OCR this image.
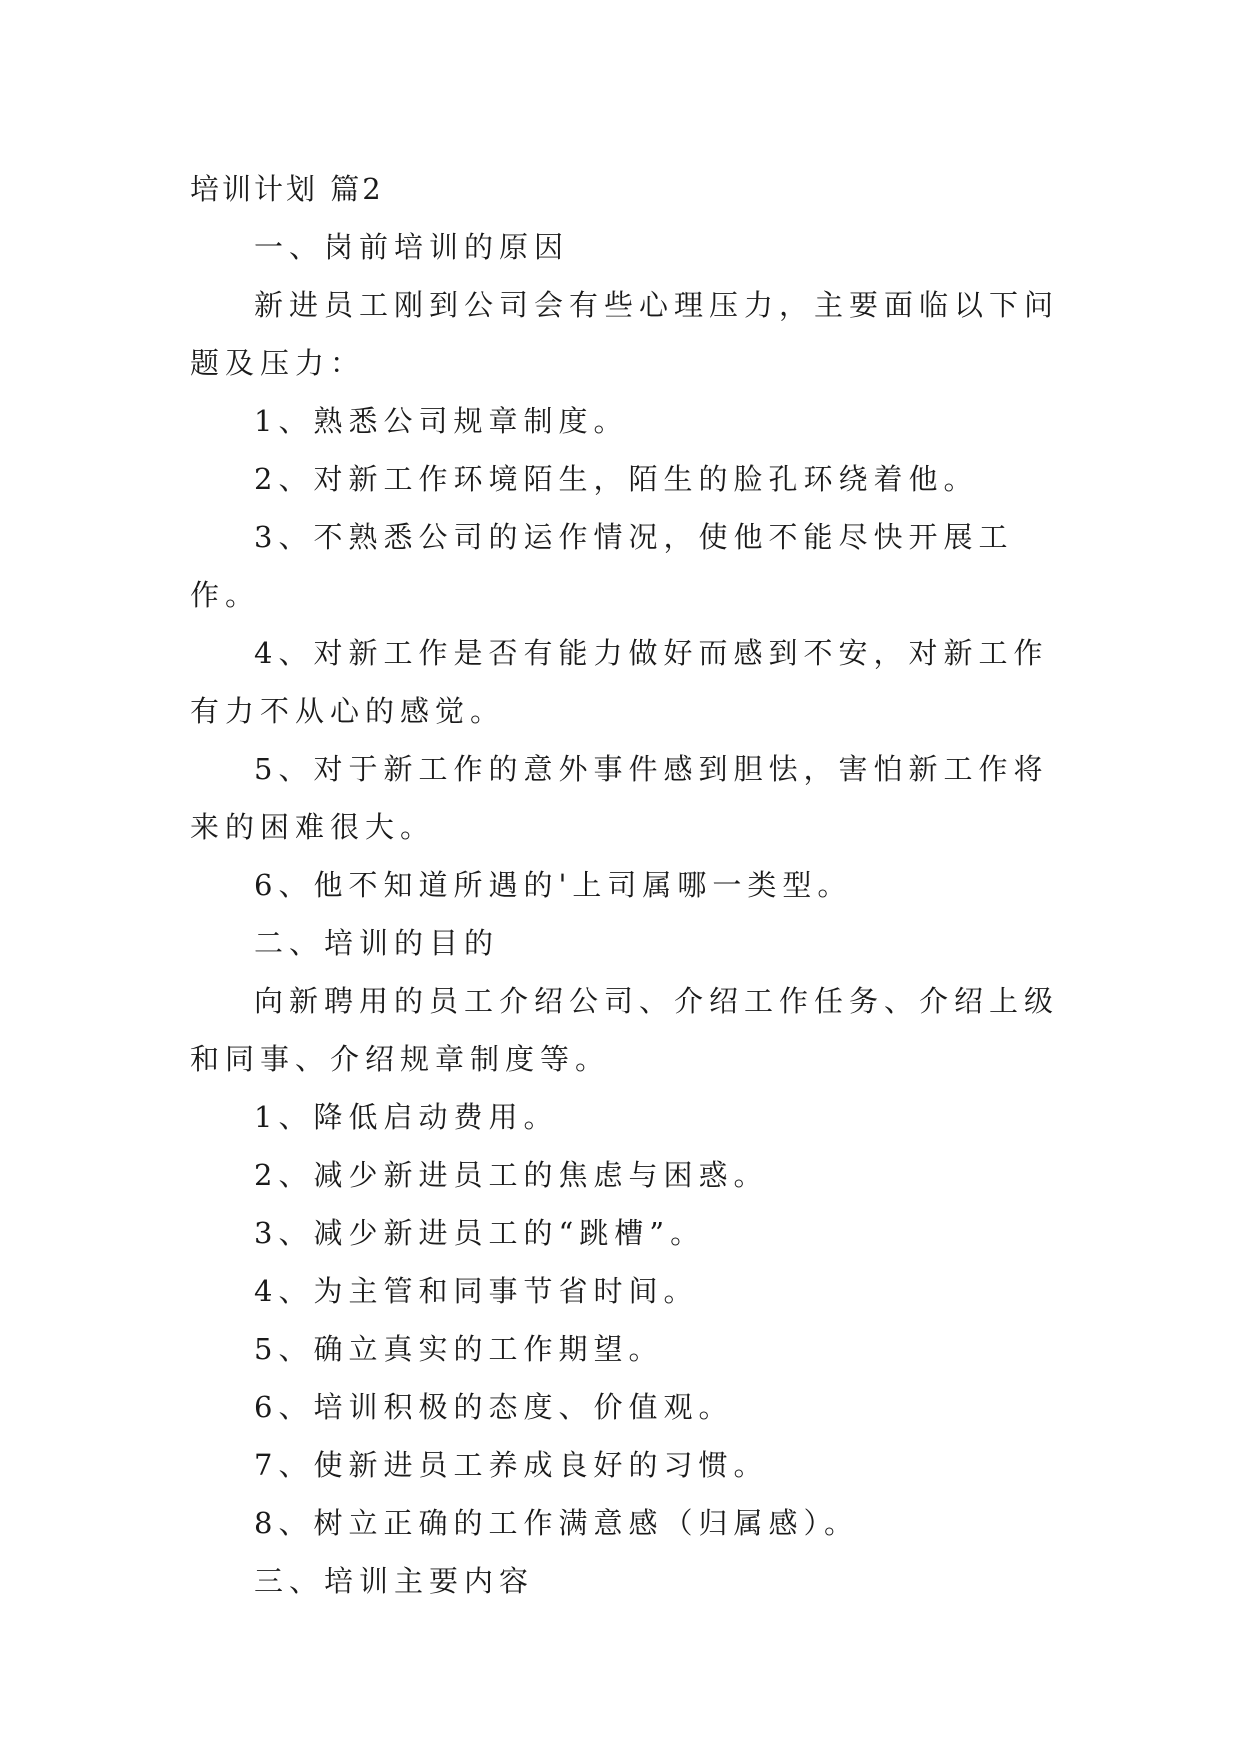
培训计划 篇2

一、岗前培训的原因

新进员工刚到公司会有些心理压力，主要面临以下问题及压力：

1、熟悉公司规章制度。

2、对新工作环境陌生，陌生的脸孔环绕着他。

3、不熟悉公司的运作情况，使他不能尽快开展工作。

4、对新工作是否有能力做好而感到不安，对新工作有力不从心的感觉。

5、对于新工作的意外事件感到胆怯，害怕新工作将来的困难很大。

6、他不知道所遇的'上司属哪一类型。

二、培训的目的

向新聘用的员工介绍公司、介绍工作任务、介绍上级和同事、介绍规章制度等。

1、降低启动费用。

2、减少新进员工的焦虑与困惑。

3、减少新进员工的“跳槽”。

4、为主管和同事节省时间。

5、确立真实的工作期望。

6、培训积极的态度、价值观。

7、使新进员工养成良好的习惯。

8、树立正确的工作满意感（归属感）。

三、培训主要内容
